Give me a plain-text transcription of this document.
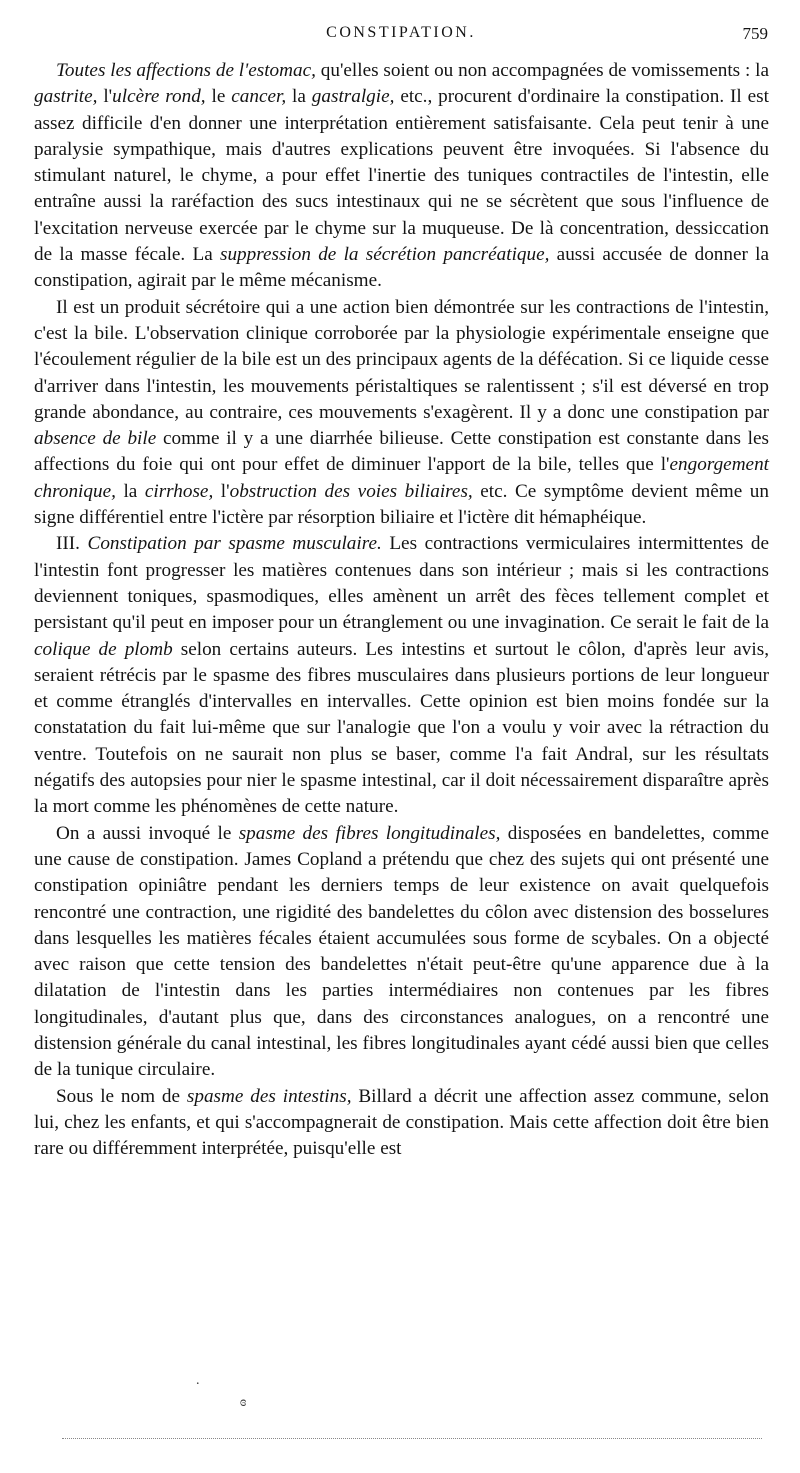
CONSTIPATION.	759

Toutes les affections de l'estomac, qu'elles soient ou non accompagnées de vomissements : la gastrite, l'ulcère rond, le cancer, la gastralgie, etc., procurent d'ordinaire la constipation. Il est assez difficile d'en donner une interprétation entièrement satisfaisante. Cela peut tenir à une paralysie sympathique, mais d'autres explications peuvent être invoquées. Si l'absence du stimulant naturel, le chyme, a pour effet l'inertie des tuniques contractiles de l'intestin, elle entraîne aussi la raréfaction des sucs intestinaux qui ne se sécrètent que sous l'influence de l'excitation nerveuse exercée par le chyme sur la muqueuse. De là concentration, dessiccation de la masse fécale. La suppression de la sécrétion pancréatique, aussi accusée de donner la constipation, agirait par le même mécanisme.

Il est un produit sécrétoire qui a une action bien démontrée sur les contractions de l'intestin, c'est la bile. L'observation clinique corroborée par la physiologie expérimentale enseigne que l'écoulement régulier de la bile est un des principaux agents de la défécation. Si ce liquide cesse d'arriver dans l'intestin, les mouvements péristaltiques se ralentissent ; s'il est déversé en trop grande abondance, au contraire, ces mouvements s'exagèrent. Il y a donc une constipation par absence de bile comme il y a une diarrhée bilieuse. Cette constipation est constante dans les affections du foie qui ont pour effet de diminuer l'apport de la bile, telles que l'engorgement chronique, la cirrhose, l'obstruction des voies biliaires, etc. Ce symptôme devient même un signe différentiel entre l'ictère par résorption biliaire et l'ictère dit hémaphéique.

III. Constipation par spasme musculaire. Les contractions vermiculaires intermittentes de l'intestin font progresser les matières contenues dans son intérieur ; mais si les contractions deviennent toniques, spasmodiques, elles amènent un arrêt des fèces tellement complet et persistant qu'il peut en imposer pour un étranglement ou une invagination. Ce serait le fait de la colique de plomb selon certains auteurs. Les intestins et surtout le côlon, d'après leur avis, seraient rétrécis par le spasme des fibres musculaires dans plusieurs portions de leur longueur et comme étranglés d'intervalles en intervalles. Cette opinion est bien moins fondée sur la constatation du fait lui-même que sur l'analogie que l'on a voulu y voir avec la rétraction du ventre. Toutefois on ne saurait non plus se baser, comme l'a fait Andral, sur les résultats négatifs des autopsies pour nier le spasme intestinal, car il doit nécessairement disparaître après la mort comme les phénomènes de cette nature.

On a aussi invoqué le spasme des fibres longitudinales, disposées en bandelettes, comme une cause de constipation. James Copland a prétendu que chez des sujets qui ont présenté une constipation opiniâtre pendant les derniers temps de leur existence on avait quelquefois rencontré une contraction, une rigidité des bandelettes du côlon avec distension des bosselures dans lesquelles les matières fécales étaient accumulées sous forme de scybales. On a objecté avec raison que cette tension des bandelettes n'était peut-être qu'une apparence due à la dilatation de l'intestin dans les parties intermédiaires non contenues par les fibres longitudinales, d'autant plus que, dans des circonstances analogues, on a rencontré une distension générale du canal intestinal, les fibres longitudinales ayant cédé aussi bien que celles de la tunique circulaire.

Sous le nom de spasme des intestins, Billard a décrit une affection assez commune, selon lui, chez les enfants, et qui s'accompagnerait de constipation. Mais cette affection doit être bien rare ou différemment interprétée, puisqu'elle est

.
ɞ
